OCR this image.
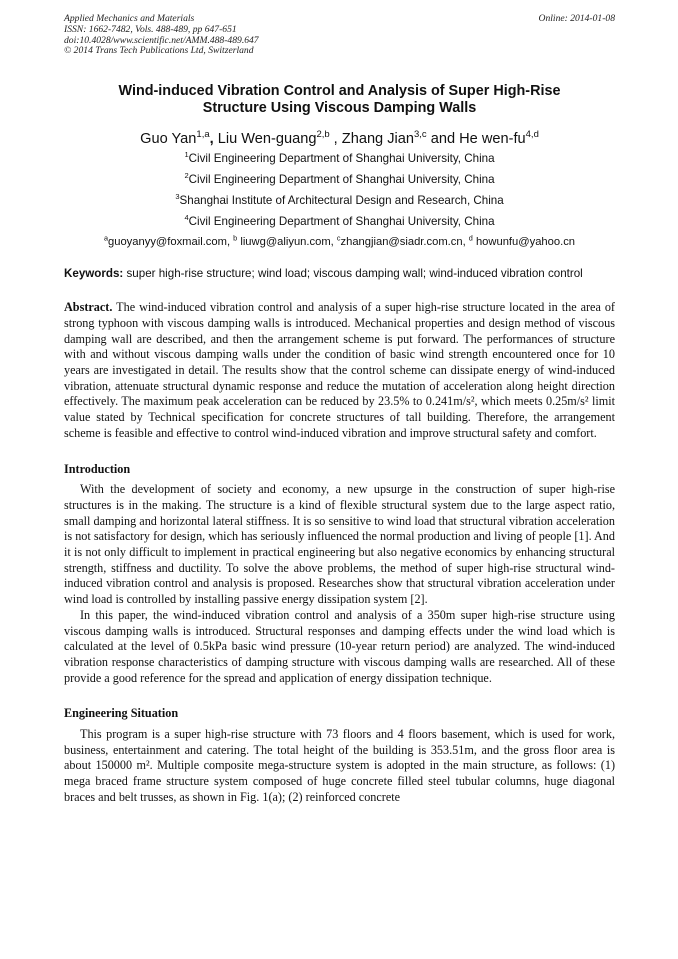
Applied Mechanics and Materials
ISSN: 1662-7482, Vols. 488-489, pp 647-651
doi:10.4028/www.scientific.net/AMM.488-489.647
© 2014 Trans Tech Publications Ltd, Switzerland
Online: 2014-01-08
Wind-induced Vibration Control and Analysis of Super High-Rise
Structure Using Viscous Damping Walls
Guo Yan$^{1,a}$, Liu Wen-guang$^{2,b}$ , Zhang Jian$^{3,c}$ and He wen-fu$^{4,d}$
$^1$Civil Engineering Department of Shanghai University, China
$^2$Civil Engineering Department of Shanghai University, China
$^3$Shanghai Institute of Architectural Design and Research, China
$^4$Civil Engineering Department of Shanghai University, China
$^a$guoyanyy@foxmail.com, $^b$ liuwg@aliyun.com, $^c$zhangjian@siadr.com.cn, $^d$ howunfu@yahoo.cn
Keywords: super high-rise structure; wind load; viscous damping wall; wind-induced vibration control
Abstract. The wind-induced vibration control and analysis of a super high-rise structure located in the area of strong typhoon with viscous damping walls is introduced. Mechanical properties and design method of viscous damping wall are described, and then the arrangement scheme is put forward. The performances of structure with and without viscous damping walls under the condition of basic wind strength encountered once for 10 years are investigated in detail. The results show that the control scheme can dissipate energy of wind-induced vibration, attenuate structural dynamic response and reduce the mutation of acceleration along height direction effectively. The maximum peak acceleration can be reduced by 23.5% to 0.241m/s², which meets 0.25m/s² limit value stated by Technical specification for concrete structures of tall building. Therefore, the arrangement scheme is feasible and effective to control wind-induced vibration and improve structural safety and comfort.
Introduction
With the development of society and economy, a new upsurge in the construction of super high-rise structures is in the making. The structure is a kind of flexible structural system due to the large aspect ratio, small damping and horizontal lateral stiffness. It is so sensitive to wind load that structural vibration acceleration is not satisfactory for design, which has seriously influenced the normal production and living of people [1]. And it is not only difficult to implement in practical engineering but also negative economics by enhancing structural strength, stiffness and ductility. To solve the above problems, the method of super high-rise structural wind-induced vibration control and analysis is proposed. Researches show that structural vibration acceleration under wind load is controlled by installing passive energy dissipation system [2].
In this paper, the wind-induced vibration control and analysis of a 350m super high-rise structure using viscous damping walls is introduced. Structural responses and damping effects under the wind load which is calculated at the level of 0.5kPa basic wind pressure (10-year return period) are analyzed. The wind-induced vibration response characteristics of damping structure with viscous damping walls are researched. All of these provide a good reference for the spread and application of energy dissipation technique.
Engineering Situation
This program is a super high-rise structure with 73 floors and 4 floors basement, which is used for work, business, entertainment and catering. The total height of the building is 353.51m, and the gross floor area is about 150000 m². Multiple composite mega-structure system is adopted in the main structure, as follows: (1) mega braced frame structure system composed of huge concrete filled steel tubular columns, huge diagonal braces and belt trusses, as shown in Fig. 1(a); (2) reinforced concrete
